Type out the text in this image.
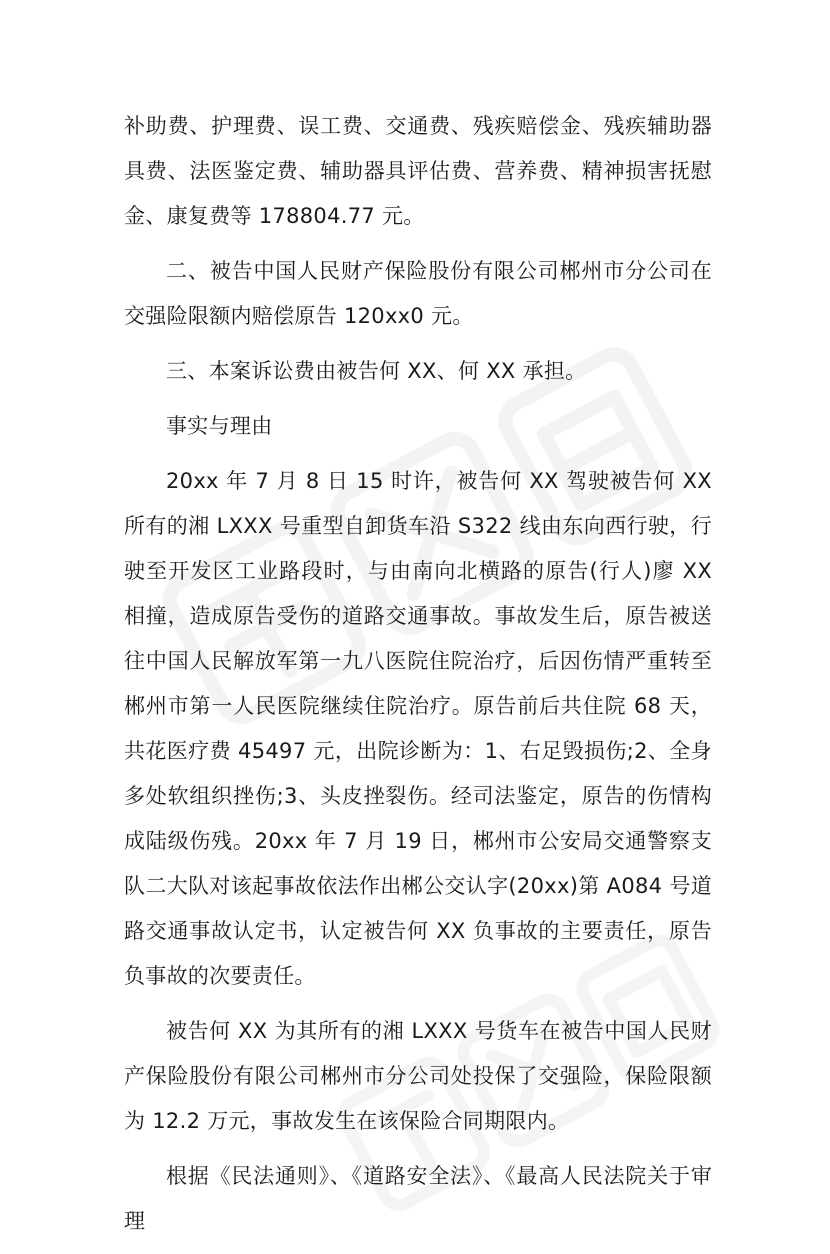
补助费、护理费、误工费、交通费、残疾赔偿金、残疾辅助器具费、法医鉴定费、辅助器具评估费、营养费、精神损害抚慰金、康复费等 178804.77 元。

二、被告中国人民财产保险股份有限公司郴州市分公司在交强险限额内赔偿原告 120xx0 元。

三、本案诉讼费由被告何 XX、何 XX 承担。

事实与理由

20xx 年 7 月 8 日 15 时许，被告何 XX 驾驶被告何 XX 所有的湘 LXXX 号重型自卸货车沿 S322 线由东向西行驶，行驶至开发区工业路段时，与由南向北横路的原告(行人)廖 XX 相撞，造成原告受伤的道路交通事故。事故发生后，原告被送往中国人民解放军第一九八医院住院治疗，后因伤情严重转至郴州市第一人民医院继续住院治疗。原告前后共住院 68 天，共花医疗费 45497 元，出院诊断为：1、右足毁损伤;2、全身多处软组织挫伤;3、头皮挫裂伤。经司法鉴定，原告的伤情构成陆级伤残。20xx 年 7 月 19 日，郴州市公安局交通警察支队二大队对该起事故依法作出郴公交认字(20xx)第 A084 号道路交通事故认定书，认定被告何 XX 负事故的主要责任，原告负事故的次要责任。

被告何 XX 为其所有的湘 LXXX 号货车在被告中国人民财产保险股份有限公司郴州市分公司处投保了交强险，保险限额为 12.2 万元，事故发生在该保险合同期限内。

根据《民法通则》、《道路安全法》、《最高人民法院关于审理
